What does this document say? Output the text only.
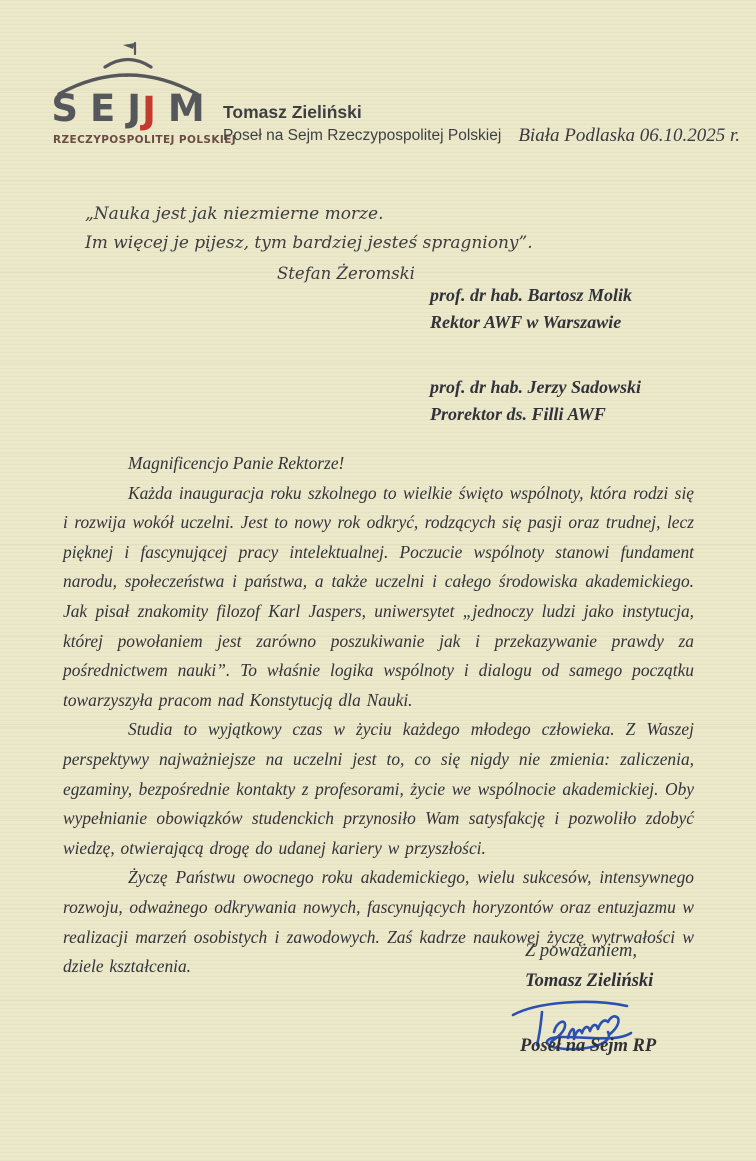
S E J J M
RZECZYPOSPOLITEJ POLSKIEJ
Tomasz Zieliński
Poseł na Sejm Rzeczypospolitej Polskiej Biała Podlaska 06.10.2025 r.
„Nauka jest jak niezmierne morze.
Im więcej je pijesz, tym bardziej jesteś spragniony”.
Stefan Żeromski
prof. dr hab. Bartosz Molik
Rektor AWF w Warszawie
prof. dr hab. Jerzy Sadowski
Prorektor ds. Filli AWF
Magnificencjo Panie Rektorze!

Każda inauguracja roku szkolnego to wielkie święto wspólnoty, która rodzi się i rozwija wokół uczelni. Jest to nowy rok odkryć, rodzących się pasji oraz trudnej, lecz pięknej i fascynującej pracy intelektualnej. Poczucie wspólnoty stanowi fundament narodu, społeczeństwa i państwa, a także uczelni i całego środowiska akademickiego. Jak pisał znakomity filozof Karl Jaspers, uniwersytet „jednoczy ludzi jako instytucja, której powołaniem jest zarówno poszukiwanie jak i przekazywanie prawdy za pośrednictwem nauki”. To właśnie logika wspólnoty i dialogu od samego początku towarzyszyła pracom nad Konstytucją dla Nauki.

Studia to wyjątkowy czas w życiu każdego młodego człowieka. Z Waszej perspektywy najważniejsze na uczelni jest to, co się nigdy nie zmienia: zaliczenia, egzaminy, bezpośrednie kontakty z profesorami, życie we wspólnocie akademickiej. Oby wypełnianie obowiązków studenckich przynosiło Wam satysfakcję i pozwoliło zdobyć wiedzę, otwierającą drogę do udanej kariery w przyszłości.

Życzę Państwu owocnego roku akademickiego, wielu sukcesów, intensywnego rozwoju, odważnego odkrywania nowych, fascynujących horyzontów oraz entuzjazmu w realizacji marzeń osobistych i zawodowych. Zaś kadrze naukowej życzę wytrwałości w dziele kształcenia.

Z poważaniem,
Tomasz Zieliński
Poseł na Sejm RP
